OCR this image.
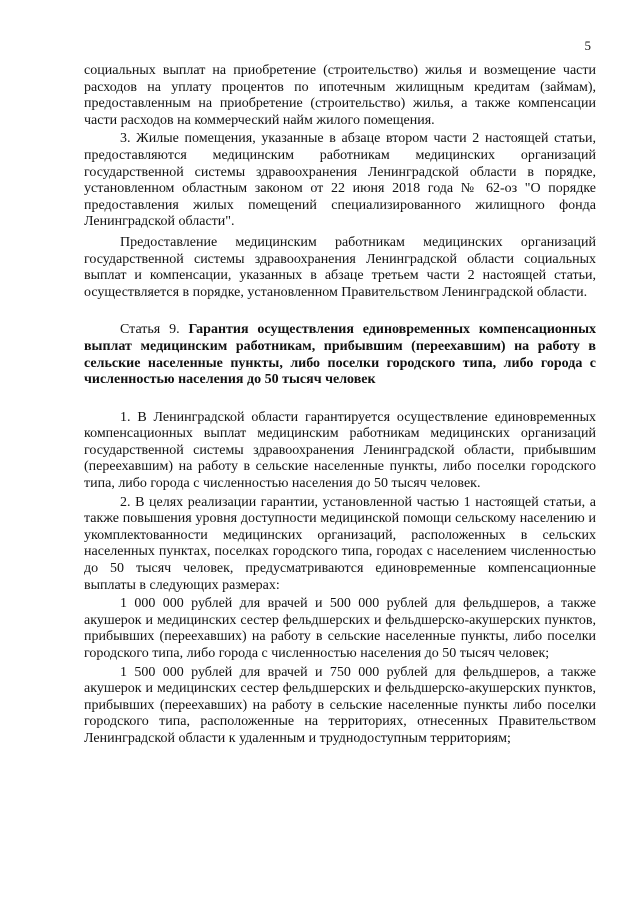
5

социальных выплат на приобретение (строительство) жилья и возмещение части расходов на уплату процентов по ипотечным жилищным кредитам (займам), предоставленным на приобретение (строительство) жилья, а также компенсации части расходов на коммерческий найм жилого помещения.

3. Жилые помещения, указанные в абзаце втором части 2 настоящей статьи, предоставляются медицинским работникам медицинских организаций государственной системы здравоохранения Ленинградской области в порядке, установленном областным законом от 22 июня 2018 года № 62-оз "О порядке предоставления жилых помещений специализированного жилищного фонда Ленинградской области".

Предоставление медицинским работникам медицинских организаций государственной системы здравоохранения Ленинградской области социальных выплат и компенсации, указанных в абзаце третьем части 2 настоящей статьи, осуществляется в порядке, установленном Правительством Ленинградской области.

Статья 9. Гарантия осуществления единовременных компенсационных выплат медицинским работникам, прибывшим (переехавшим) на работу в сельские населенные пункты, либо поселки городского типа, либо города с численностью населения до 50 тысяч человек

1. В Ленинградской области гарантируется осуществление единовременных компенсационных выплат медицинским работникам медицинских организаций государственной системы здравоохранения Ленинградской области, прибывшим (переехавшим) на работу в сельские населенные пункты, либо поселки городского типа, либо города с численностью населения до 50 тысяч человек.

2. В целях реализации гарантии, установленной частью 1 настоящей статьи, а также повышения уровня доступности медицинской помощи сельскому населению и укомплектованности медицинских организаций, расположенных в сельских населенных пунктах, поселках городского типа, городах с населением численностью до 50 тысяч человек, предусматриваются единовременные компенсационные выплаты в следующих размерах:

1 000 000 рублей для врачей и 500 000 рублей для фельдшеров, а также акушерок и медицинских сестер фельдшерских и фельдшерско-акушерских пунктов, прибывших (переехавших) на работу в сельские населенные пункты, либо поселки городского типа, либо города с численностью населения до 50 тысяч человек;

1 500 000 рублей для врачей и 750 000 рублей для фельдшеров, а также акушерок и медицинских сестер фельдшерских и фельдшерско-акушерских пунктов, прибывших (переехавших) на работу в сельские населенные пункты либо поселки городского типа, расположенные на территориях, отнесенных Правительством Ленинградской области к удаленным и труднодоступным территориям;
